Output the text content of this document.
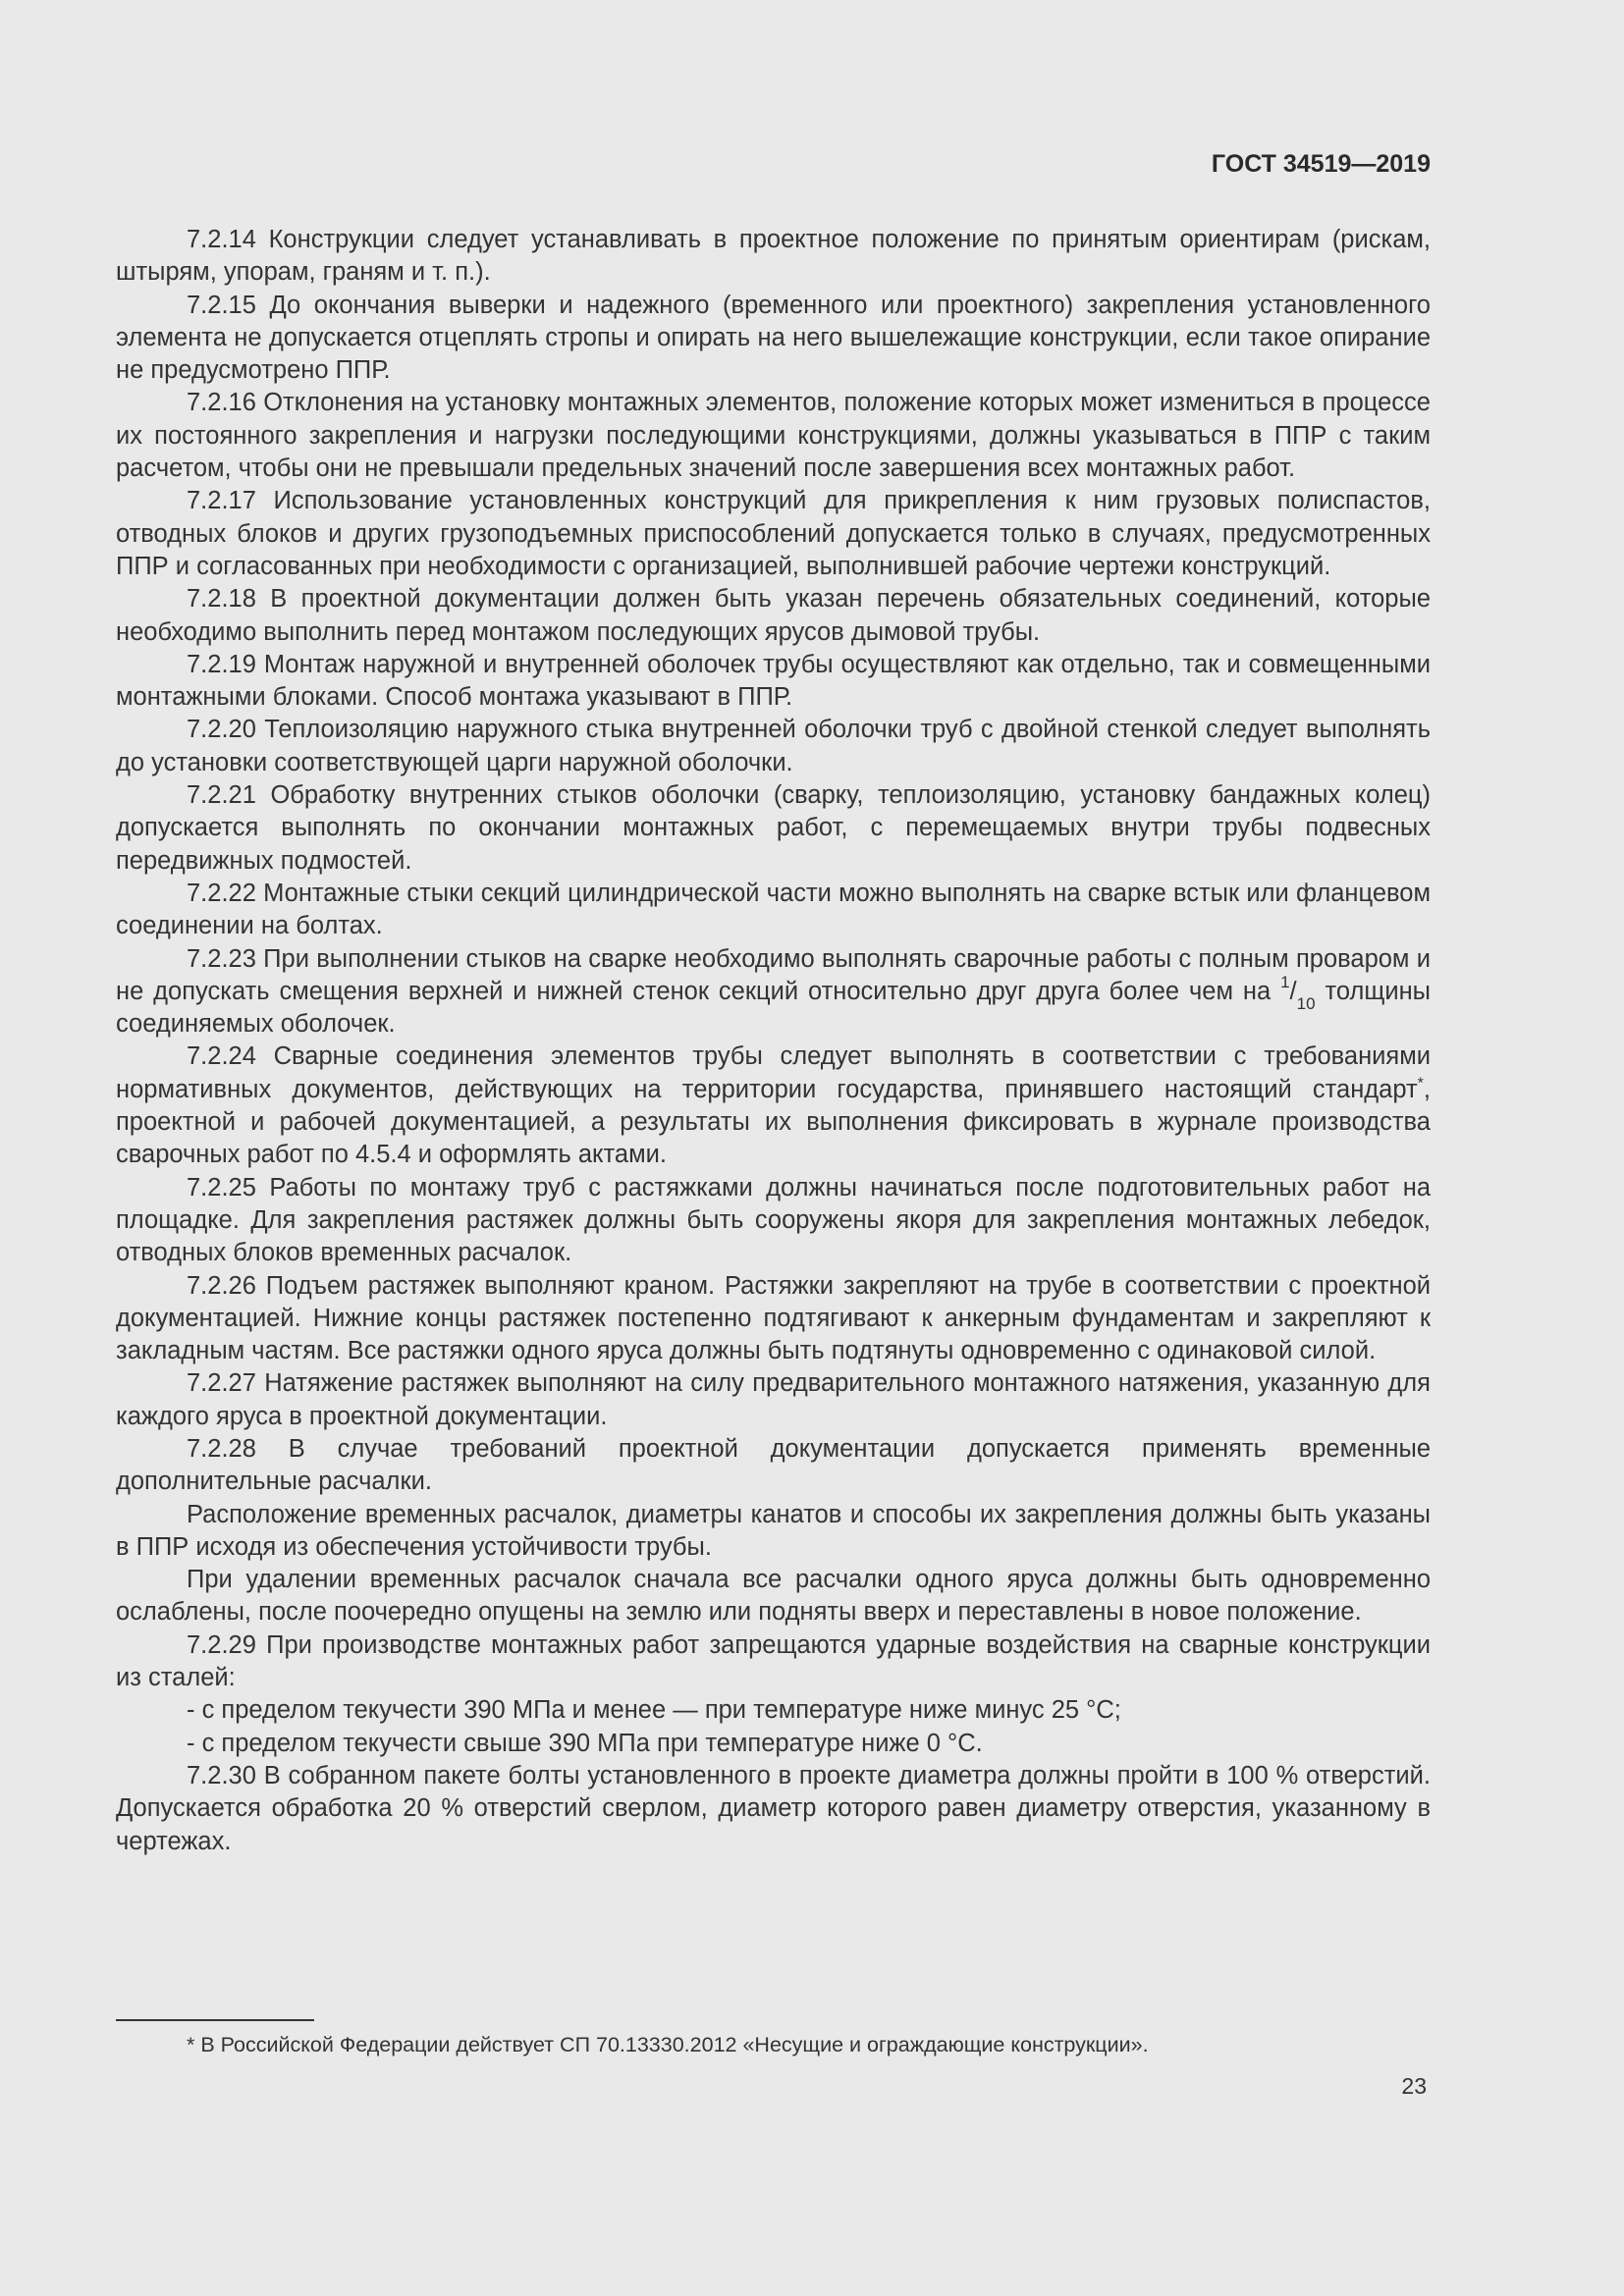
ГОСТ 34519—2019

7.2.14 Конструкции следует устанавливать в проектное положение по принятым ориентирам (рискам, штырям, упорам, граням и т. п.).

7.2.15 До окончания выверки и надежного (временного или проектного) закрепления установленного элемента не допускается отцеплять стропы и опирать на него вышележащие конструкции, если такое опирание не предусмотрено ППР.

7.2.16 Отклонения на установку монтажных элементов, положение которых может измениться в процессе их постоянного закрепления и нагрузки последующими конструкциями, должны указываться в ППР с таким расчетом, чтобы они не превышали предельных значений после завершения всех монтажных работ.

7.2.17 Использование установленных конструкций для прикрепления к ним грузовых полиспастов, отводных блоков и других грузоподъемных приспособлений допускается только в случаях, предусмотренных ППР и согласованных при необходимости с организацией, выполнившей рабочие чертежи конструкций.

7.2.18 В проектной документации должен быть указан перечень обязательных соединений, которые необходимо выполнить перед монтажом последующих ярусов дымовой трубы.

7.2.19 Монтаж наружной и внутренней оболочек трубы осуществляют как отдельно, так и совмещенными монтажными блоками. Способ монтажа указывают в ППР.

7.2.20 Теплоизоляцию наружного стыка внутренней оболочки труб с двойной стенкой следует выполнять до установки соответствующей царги наружной оболочки.

7.2.21 Обработку внутренних стыков оболочки (сварку, теплоизоляцию, установку бандажных колец) допускается выполнять по окончании монтажных работ, с перемещаемых внутри трубы подвесных передвижных подмостей.

7.2.22 Монтажные стыки секций цилиндрической части можно выполнять на сварке встык или фланцевом соединении на болтах.

7.2.23 При выполнении стыков на сварке необходимо выполнять сварочные работы с полным проваром и не допускать смещения верхней и нижней стенок секций относительно друг друга более чем на $^1/_{10}$ толщины соединяемых оболочек.

7.2.24 Сварные соединения элементов трубы следует выполнять в соответствии с требованиями нормативных документов, действующих на территории государства, принявшего настоящий стандарт*, проектной и рабочей документацией, а результаты их выполнения фиксировать в журнале производства сварочных работ по 4.5.4 и оформлять актами.

7.2.25 Работы по монтажу труб с растяжками должны начинаться после подготовительных работ на площадке. Для закрепления растяжек должны быть сооружены якоря для закрепления монтажных лебедок, отводных блоков временных расчалок.

7.2.26 Подъем растяжек выполняют краном. Растяжки закрепляют на трубе в соответствии с проектной документацией. Нижние концы растяжек постепенно подтягивают к анкерным фундаментам и закрепляют к закладным частям. Все растяжки одного яруса должны быть подтянуты одновременно с одинаковой силой.

7.2.27 Натяжение растяжек выполняют на силу предварительного монтажного натяжения, указанную для каждого яруса в проектной документации.

7.2.28 В случае требований проектной документации допускается применять временные дополнительные расчалки.

Расположение временных расчалок, диаметры канатов и способы их закрепления должны быть указаны в ППР исходя из обеспечения устойчивости трубы.

При удалении временных расчалок сначала все расчалки одного яруса должны быть одновременно ослаблены, после поочередно опущены на землю или подняты вверх и переставлены в новое положение.

7.2.29 При производстве монтажных работ запрещаются ударные воздействия на сварные конструкции из сталей:

- с пределом текучести 390 МПа и менее — при температуре ниже минус 25 °С;

- с пределом текучести свыше 390 МПа при температуре ниже 0 °С.

7.2.30 В собранном пакете болты установленного в проекте диаметра должны пройти в 100 % отверстий. Допускается обработка 20 % отверстий сверлом, диаметр которого равен диаметру отверстия, указанному в чертежах.

* В Российской Федерации действует СП 70.13330.2012 «Несущие и ограждающие конструкции».
23
